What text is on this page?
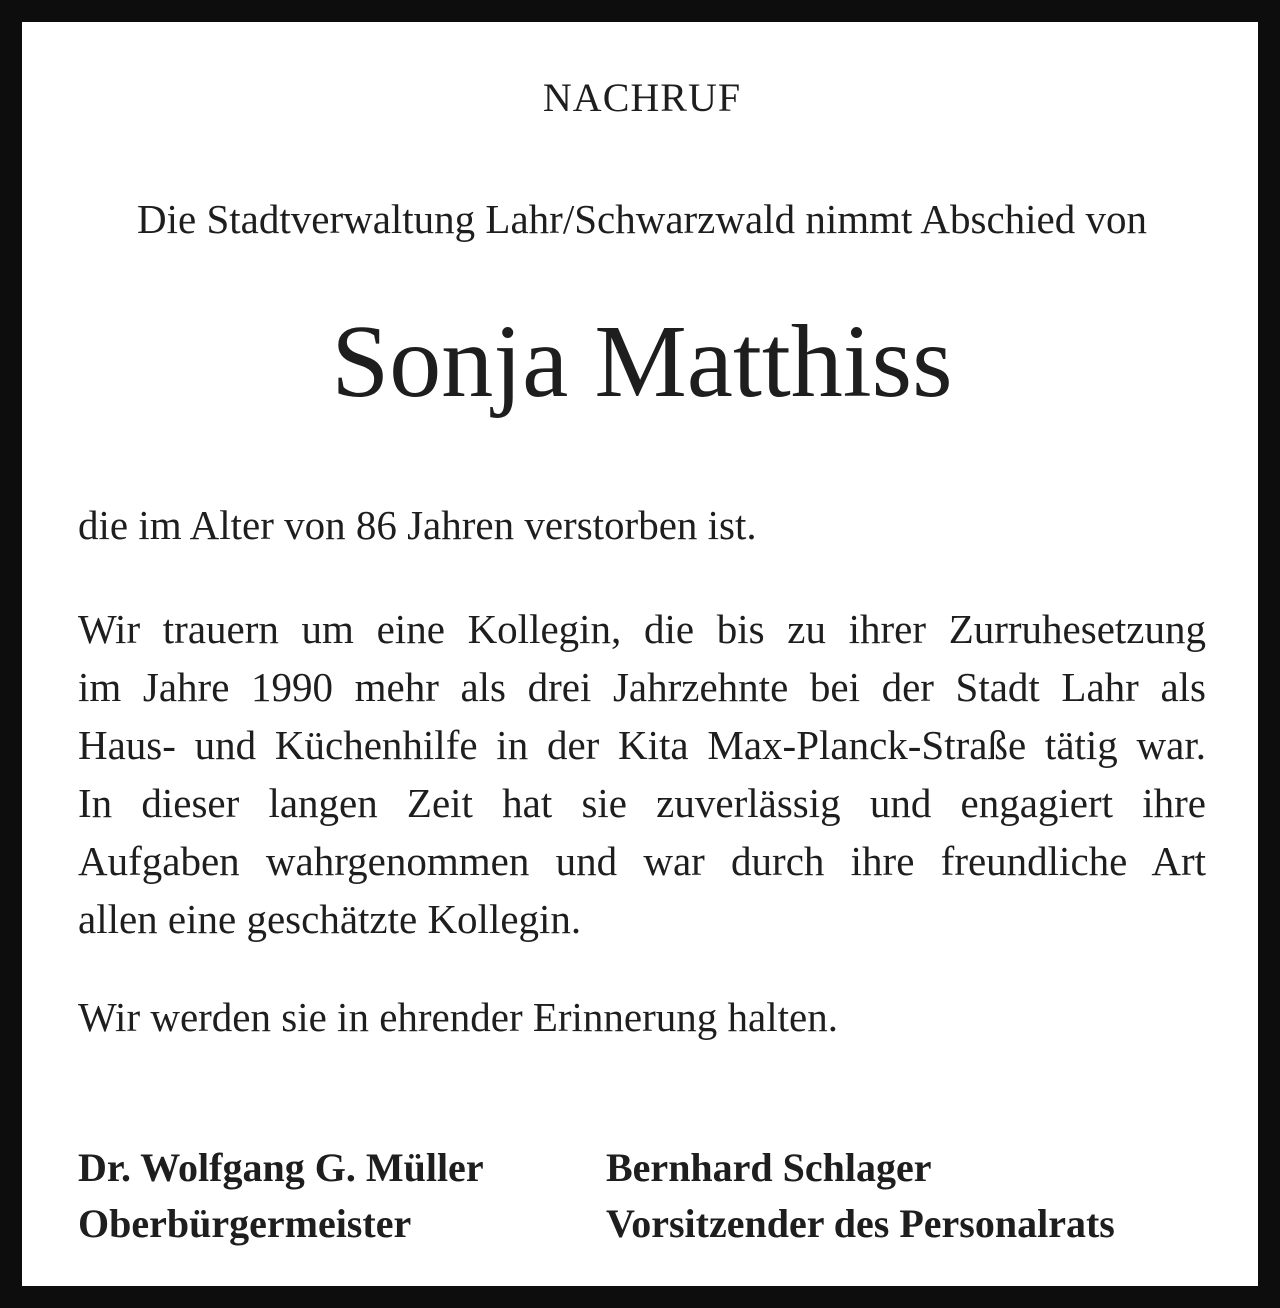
NACHRUF
Die Stadtverwaltung Lahr/Schwarzwald nimmt Abschied von
Sonja Matthiss
die im Alter von 86 Jahren verstorben ist.
Wir trauern um eine Kollegin, die bis zu ihrer Zurruhesetzung
im Jahre 1990 mehr als drei Jahrzehnte bei der Stadt Lahr als
Haus- und Küchenhilfe in der Kita Max-Planck-Straße tätig war.
In dieser langen Zeit hat sie zuverlässig und engagiert ihre
Aufgaben wahrgenommen und war durch ihre freundliche Art
allen eine geschätzte Kollegin.
Wir werden sie in ehrender Erinnerung halten.
Dr. Wolfgang G. Müller
Oberbürgermeister
Bernhard Schlager
Vorsitzender des Personalrats
